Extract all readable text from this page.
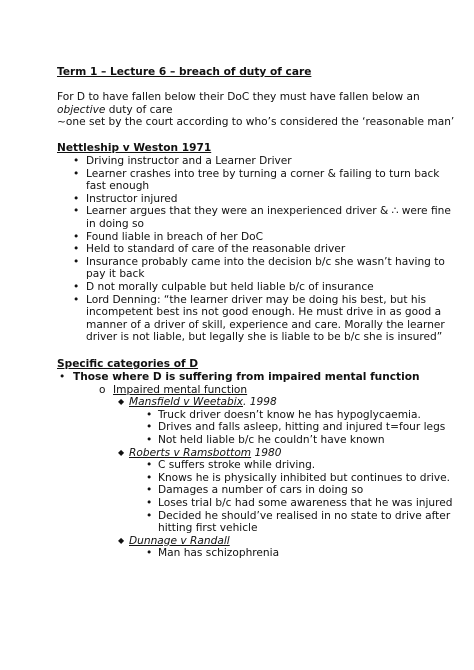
Term 1 – Lecture 6 – breach of duty of care
For D to have fallen below their DoC they must have fallen below an
objective duty of care
~one set by the court according to who’s considered the ‘reasonable man’
Nettleship v Weston 1971
• Driving instructor and a Learner Driver
• Learner crashes into tree by turning a corner & failing to turn back fast enough
• Instructor injured
• Learner argues that they were an inexperienced driver & ∴ were fine in doing so
• Found liable in breach of her DoC
• Held to standard of care of the reasonable driver
• Insurance probably came into the decision b/c she wasn’t having to pay it back
• D not morally culpable but held liable b/c of insurance
• Lord Denning: “the learner driver may be doing his best, but his incompetent best ins not good enough. He must drive in as good a manner of a driver of skill, experience and care. Morally the learner driver is not liable, but legally she is liable to be b/c she is insured”
Specific categories of D
• Those where D is suffering from impaired mental function
o Impaired mental function
◆ Mansfield v Weetabix. 1998
• Truck driver doesn’t know he has hypoglycaemia.
• Drives and falls asleep, hitting and injured t=four legs
• Not held liable b/c he couldn’t have known
◆ Roberts v Ramsbottom 1980
• C suffers stroke while driving.
• Knows he is physically inhibited but continues to drive.
• Damages a number of cars in doing so
• Loses trial b/c had some awareness that he was injured
• Decided he should’ve realised in no state to drive after hitting first vehicle
◆ Dunnage v Randall
• Man has schizophrenia
